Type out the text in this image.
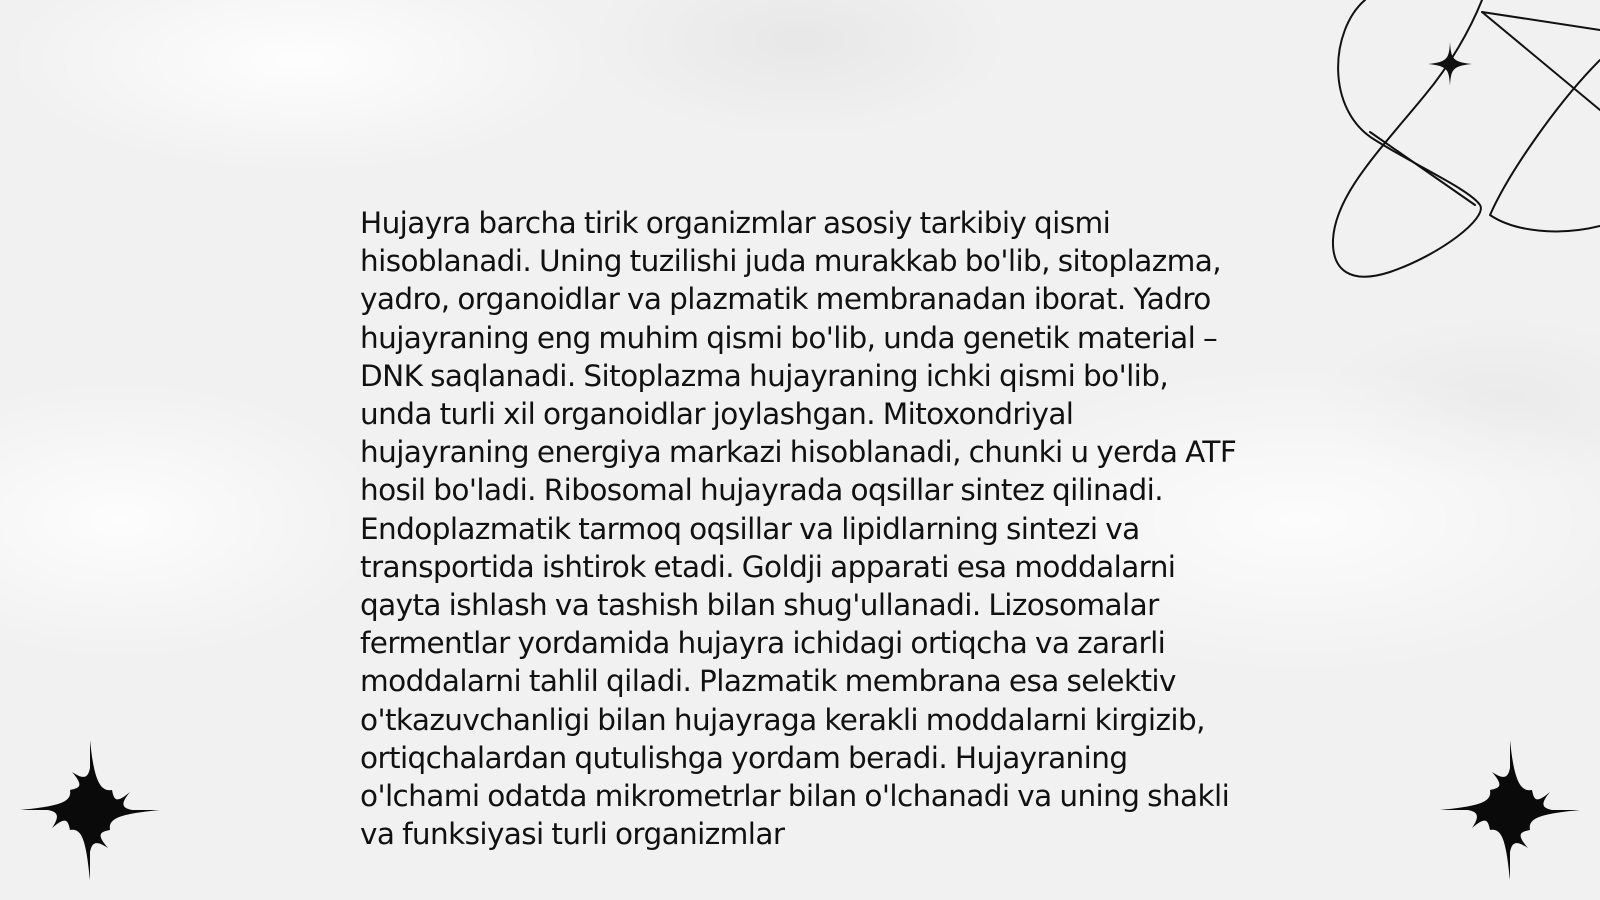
Hujayra barcha tirik organizmlar asosiy tarkibiy qismi hisoblanadi. Uning tuzilishi juda murakkab bo'lib, sitoplazma, yadro, organoidlar va plazmatik membranadan iborat. Yadro hujayraning eng muhim qismi bo'lib, unda genetik material – DNK saqlanadi. Sitoplazma hujayraning ichki qismi bo'lib, unda turli xil organoidlar joylashgan. Mitoxondriyal hujayraning energiya markazi hisoblanadi, chunki u yerda ATF hosil bo'ladi. Ribosomal hujayrada oqsillar sintez qilinadi. Endoplazmatik tarmoq oqsillar va lipidlarning sintezi va transportida ishtirok etadi. Goldji apparati esa moddalarni qayta ishlash va tashish bilan shug'ullanadi. Lizosomalar fermentlar yordamida hujayra ichidagi ortiqcha va zararli moddalarni tahlil qiladi. Plazmatik membrana esa selektiv o'tkazuvchanligi bilan hujayraga kerakli moddalarni kirgizib, ortiqchalardan qutulishga yordam beradi. Hujayraning o'lchami odatda mikrometrlar bilan o'lchanadi va uning shakli va funksiyasi turli organizmlar
